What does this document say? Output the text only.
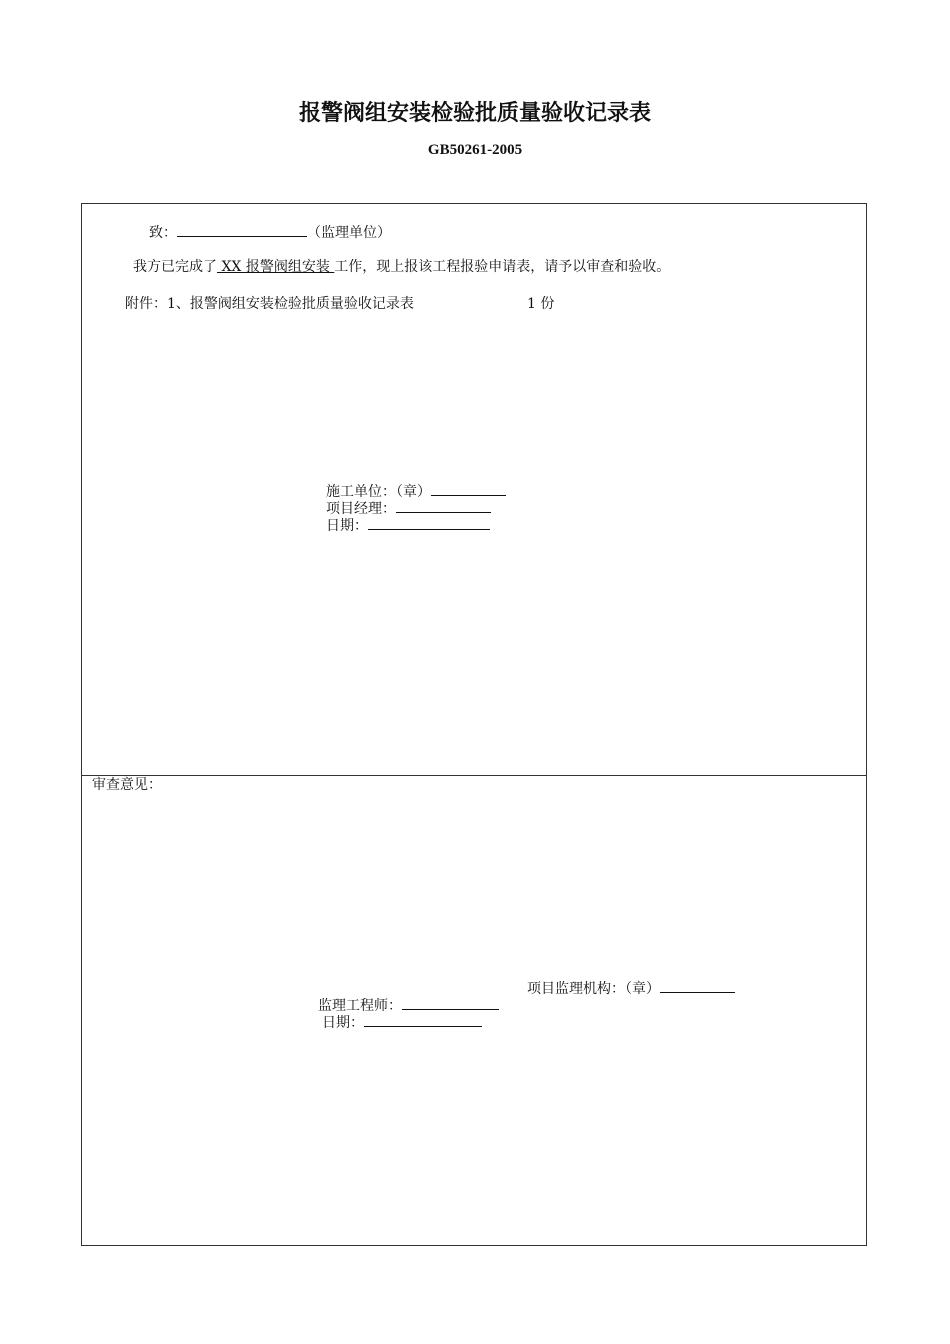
报警阀组安装检验批质量验收记录表
GB50261-2005
致：	（监理单位）
我方已完成了 XX 报警阀组安装 工作，现上报该工程报验申请表，请予以审查和验收。
附件：1、报警阀组安装检验批质量验收记录表	1 份
施工单位：（章）
项目经理：
日期：
审查意见：
项目监理机构：（章）
监理工程师：
日期：
